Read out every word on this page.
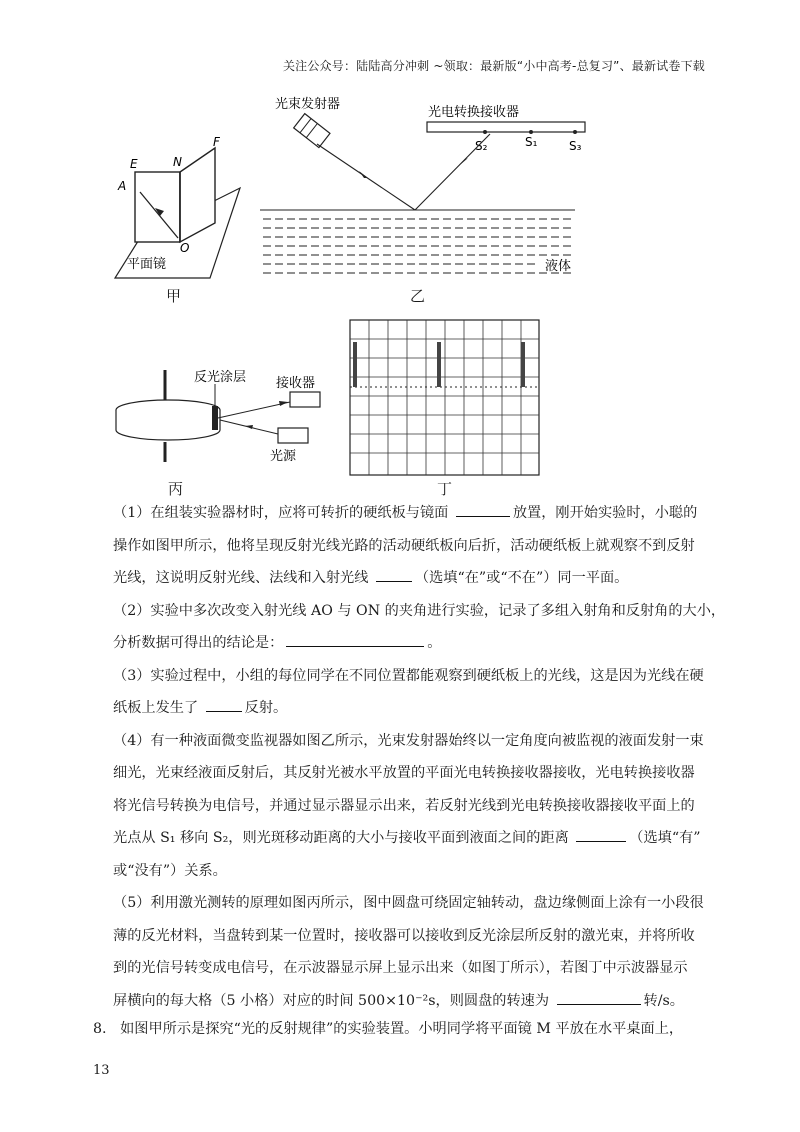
关注公众号：陆陆高分冲刺 ~领取：最新版“小中高考-总复习”、最新试卷下载
E	N
F
A
O
平面镜
甲
光束发射器
光电转换接收器
S₂	S₁	S₃
液体
乙
反光涂层 接收器
光源
丙	丁
（1）在组装实验器材时，应将可转折的硬纸板与镜面	放置，刚开始实验时，小聪的
操作如图甲所示，他将呈现反射光线光路的活动硬纸板向后折，活动硬纸板上就观察不到反射
光线，这说明反射光线、法线和入射光线	（选填“在”或“不在”）同一平面。
（2）实验中多次改变入射光线 AO 与 ON 的夹角进行实验，记录了多组入射角和反射角的大小，
分析数据可得出的结论是：	。
（3）实验过程中，小组的每位同学在不同位置都能观察到硬纸板上的光线，这是因为光线在硬
纸板上发生了	反射。
（4）有一种液面微变监视器如图乙所示，光束发射器始终以一定角度向被监视的液面发射一束
细光，光束经液面反射后，其反射光被水平放置的平面光电转换接收器接收，光电转换接收器
将光信号转换为电信号，并通过显示器显示出来，若反射光线到光电转换接收器接收平面上的
光点从 S₁ 移向 S₂，则光斑移动距离的大小与接收平面到液面之间的距离	（选填“有”
或“没有”）关系。
（5）利用激光测转的原理如图丙所示，图中圆盘可绕固定轴转动，盘边缘侧面上涂有一小段很
薄的反光材料，当盘转到某一位置时，接收器可以接收到反光涂层所反射的激光束，并将所收
到的光信号转变成电信号，在示波器显示屏上显示出来（如图丁所示），若图丁中示波器显示
屏横向的每大格（5 小格）对应的时间 500×10⁻²s，则圆盘的转速为	转/s。
8. 如图甲所示是探究“光的反射规律”的实验装置。小明同学将平面镜 M 平放在水平桌面上，
13
